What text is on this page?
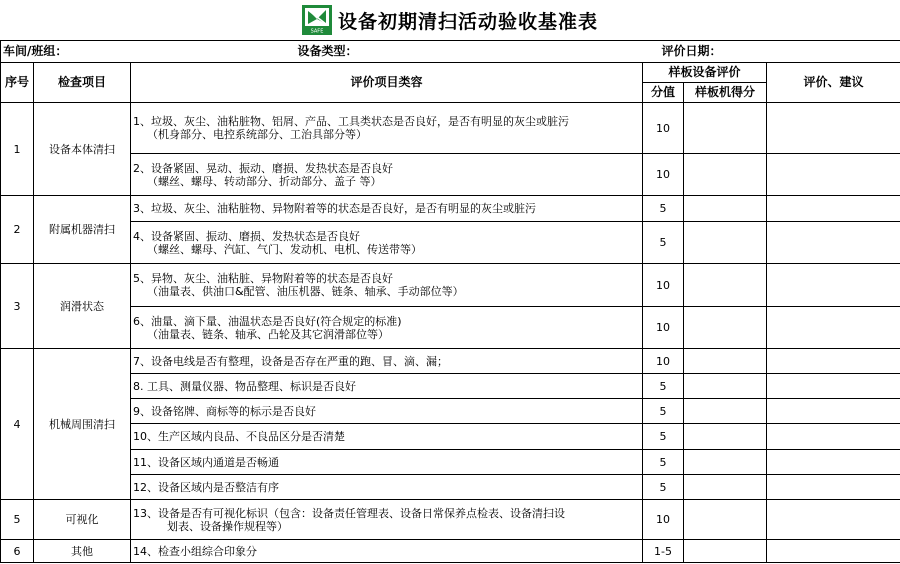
SAFE 设备初期清扫活动验收基准表
车间/班组：		设备类型：	评价日期：		
序号	检查项目	评价项目类容	样板设备评价		评价、建议
			分值	样板机得分	
1	设备本体清扫	1、垃圾、灰尘、油粘脏物、铝屑、产品、工具类状态是否良好，是否有明显的灰尘或脏污
（机身部分、电控系统部分、工治具部分等）	10		

		2、设备紧固、晃动、振动、磨损、发热状态是否良好
（螺丝、螺母、转动部分、折动部分、盖子 等）	10		
2	附属机器清扫	3、垃圾、灰尘、油粘脏物、异物附着等的状态是否良好，是否有明显的灰尘或脏污	5		

		4、设备紧固、振动、磨损、发热状态是否良好
（螺丝、螺母、汽缸、气门、发动机、电机、传送带等）	5		
3	润滑状态	5、异物、灰尘、油粘脏、异物附着等的状态是否良好
（油量表、供油口&配管、油压机器、链条、轴承、手动部位等）	10		

		6、油量、滴下量、油温状态是否良好(符合规定的标准)
（油量表、链条、轴承、凸轮及其它润滑部位等）	10		
4	机械周围清扫	7、设备电线是否有整理，设备是否存在严重的跑、冒、滴、漏；	10		

		8. 工具、测量仪器、物品整理、标识是否良好	5		

		9、设备铭牌、商标等的标示是否良好	5		

		10、生产区域内良品、不良品区分是否清楚	5		

		11、设备区域内通道是否畅通	5		

		12、设备区域内是否整洁有序	5		
5	可视化	13、设备是否有可视化标识（包含：设备责任管理表、设备日常保养点检表、设备清扫设
划表、设备操作规程等）	10		
6	其他	14、检查小组综合印象分	1-5		
